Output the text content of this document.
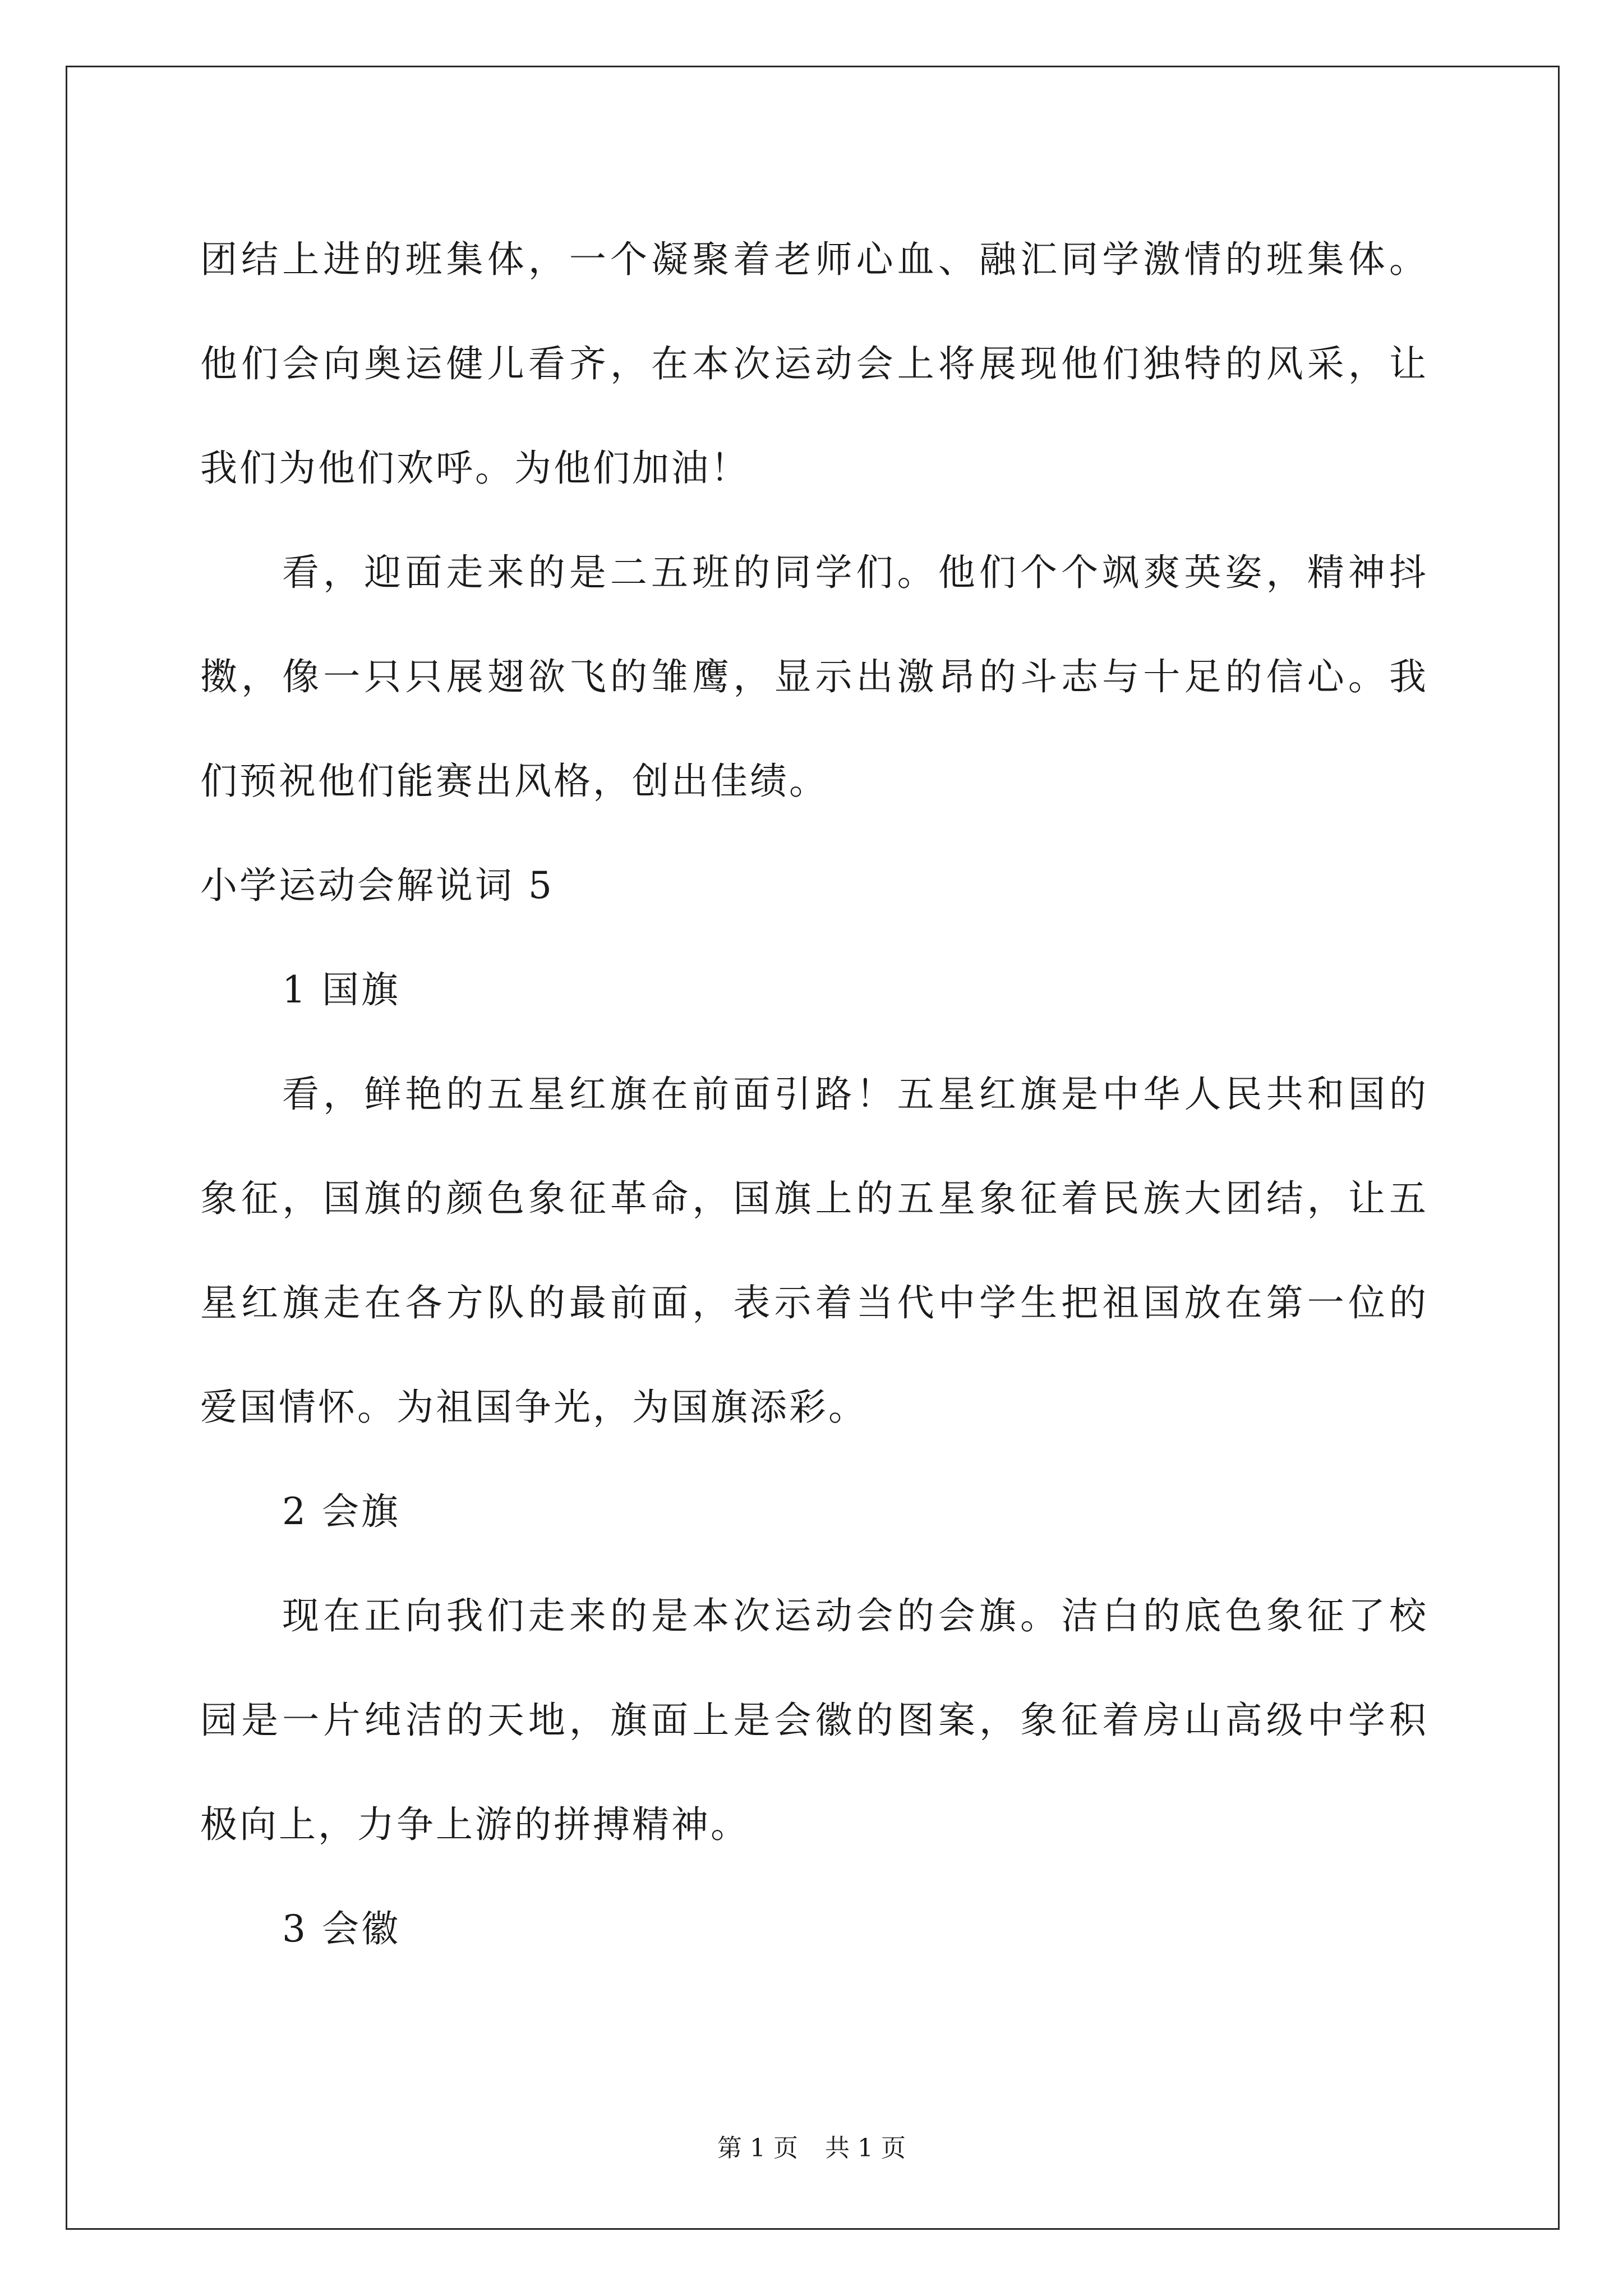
团结上进的班集体，一个凝聚着老师心血、融汇同学激情的班集体。
他们会向奥运健儿看齐，在本次运动会上将展现他们独特的风采，让
我们为他们欢呼。为他们加油！
看，迎面走来的是二五班的同学们。他们个个飒爽英姿，精神抖
擞，像一只只展翅欲飞的雏鹰，显示出激昂的斗志与十足的信心。我
们预祝他们能赛出风格，创出佳绩。
小学运动会解说词 5
1 国旗
看，鲜艳的五星红旗在前面引路！五星红旗是中华人民共和国的
象征，国旗的颜色象征革命，国旗上的五星象征着民族大团结，让五
星红旗走在各方队的最前面，表示着当代中学生把祖国放在第一位的
爱国情怀。为祖国争光，为国旗添彩。
2 会旗
现在正向我们走来的是本次运动会的会旗。洁白的底色象征了校
园是一片纯洁的天地，旗面上是会徽的图案，象征着房山高级中学积
极向上，力争上游的拼搏精神。
3 会徽
第 1 页 共 1 页
